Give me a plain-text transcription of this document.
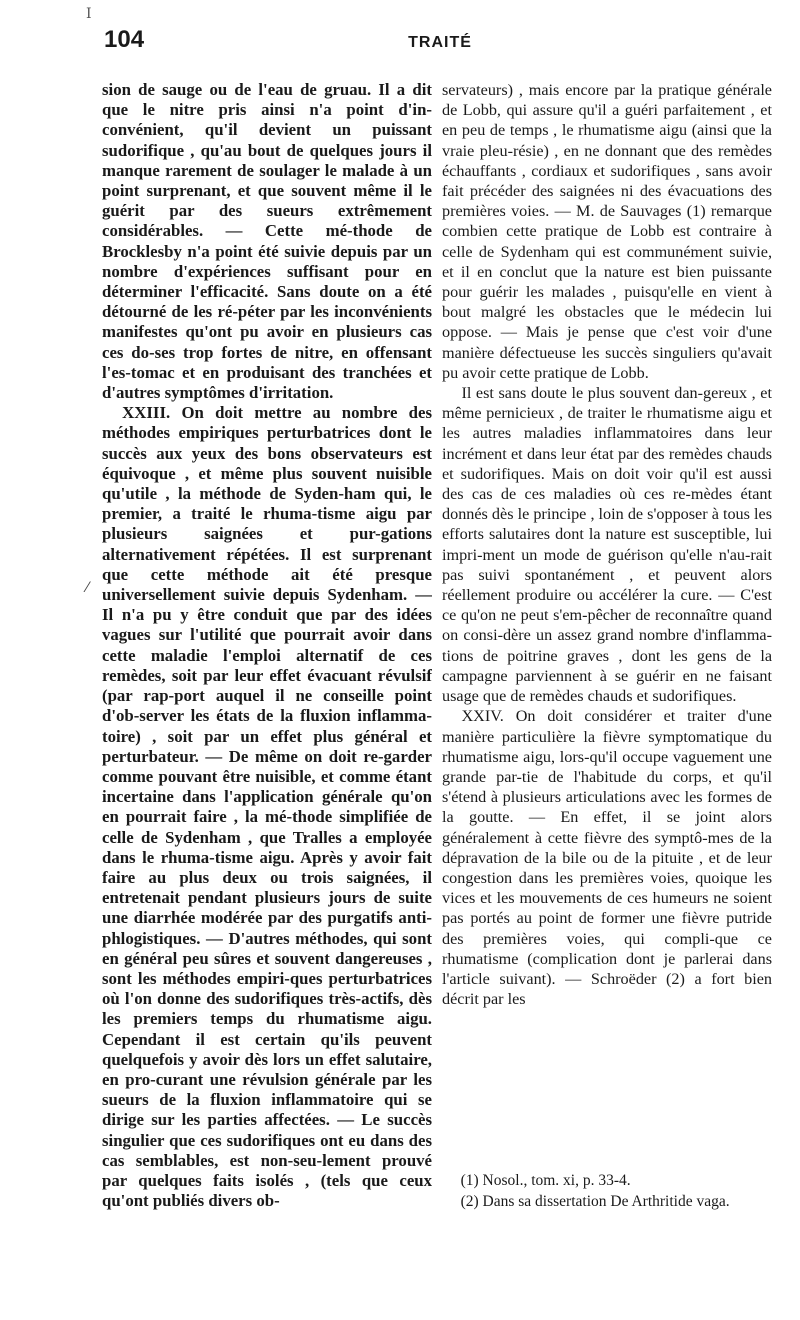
I
104	TRAITÉ
⁄

sion de sauge ou de l'eau de gruau. Il a dit que le nitre pris ainsi n'a point d'in-convénient, qu'il devient un puissant sudorifique , qu'au bout de quelques jours il manque rarement de soulager le malade à un point surprenant, et que souvent même il le guérit par des sueurs extrêmement considérables. — Cette mé-thode de Brocklesby n'a point été suivie depuis par un nombre d'expériences suffisant pour en déterminer l'efficacité. Sans doute on a été détourné de les ré-péter par les inconvénients manifestes qu'ont pu avoir en plusieurs cas ces do-ses trop fortes de nitre, en offensant l'es-tomac et en produisant des tranchées et d'autres symptômes d'irritation.

XXIII. On doit mettre au nombre des méthodes empiriques perturbatrices dont le succès aux yeux des bons observateurs est équivoque , et même plus souvent nuisible qu'utile , la méthode de Syden-ham qui, le premier, a traité le rhuma-tisme aigu par plusieurs saignées et pur-gations alternativement répétées. Il est surprenant que cette méthode ait été presque universellement suivie depuis Sydenham. — Il n'a pu y être conduit que par des idées vagues sur l'utilité que pourrait avoir dans cette maladie l'emploi alternatif de ces remèdes, soit par leur effet évacuant révulsif (par rap-port auquel il ne conseille point d'ob-server les états de la fluxion inflamma-toire) , soit par un effet plus général et perturbateur. — De même on doit re-garder comme pouvant être nuisible, et comme étant incertaine dans l'application générale qu'on en pourrait faire , la mé-thode simplifiée de celle de Sydenham , que Tralles a employée dans le rhuma-tisme aigu. Après y avoir fait faire au plus deux ou trois saignées, il entretenait pendant plusieurs jours de suite une diarrhée modérée par des purgatifs anti-phlogistiques. — D'autres méthodes, qui sont en général peu sûres et souvent dangereuses , sont les méthodes empiri-ques perturbatrices où l'on donne des sudorifiques très-actifs, dès les premiers temps du rhumatisme aigu. Cependant il est certain qu'ils peuvent quelquefois y avoir dès lors un effet salutaire, en pro-curant une révulsion générale par les sueurs de la fluxion inflammatoire qui se dirige sur les parties affectées. — Le succès singulier que ces sudorifiques ont eu dans des cas semblables, est non-seu-lement prouvé par quelques faits isolés , (tels que ceux qu'ont publiés divers ob-

servateurs) , mais encore par la pratique générale de Lobb, qui assure qu'il a guéri parfaitement , et en peu de temps , le rhumatisme aigu (ainsi que la vraie pleu-résie) , en ne donnant que des remèdes échauffants , cordiaux et sudorifiques , sans avoir fait précéder des saignées ni des évacuations des premières voies. — M. de Sauvages (1) remarque combien cette pratique de Lobb est contraire à celle de Sydenham qui est communément suivie, et il en conclut que la nature est bien puissante pour guérir les malades , puisqu'elle en vient à bout malgré les obstacles que le médecin lui oppose. — Mais je pense que c'est voir d'une manière défectueuse les succès singuliers qu'avait pu avoir cette pratique de Lobb.

Il est sans doute le plus souvent dan-gereux , et même pernicieux , de traiter le rhumatisme aigu et les autres maladies inflammatoires dans leur incrément et dans leur état par des remèdes chauds et sudorifiques. Mais on doit voir qu'il est aussi des cas de ces maladies où ces re-mèdes étant donnés dès le principe , loin de s'opposer à tous les efforts salutaires dont la nature est susceptible, lui impri-ment un mode de guérison qu'elle n'au-rait pas suivi spontanément , et peuvent alors réellement produire ou accélérer la cure. — C'est ce qu'on ne peut s'em-pêcher de reconnaître quand on consi-dère un assez grand nombre d'inflamma-tions de poitrine graves , dont les gens de la campagne parviennent à se guérir en ne faisant usage que de remèdes chauds et sudorifiques.

XXIV. On doit considérer et traiter d'une manière particulière la fièvre symptomatique du rhumatisme aigu, lors-qu'il occupe vaguement une grande par-tie de l'habitude du corps, et qu'il s'étend à plusieurs articulations avec les formes de la goutte. — En effet, il se joint alors généralement à cette fièvre des symptô-mes de la dépravation de la bile ou de la pituite , et de leur congestion dans les premières voies, quoique les vices et les mouvements de ces humeurs ne soient pas portés au point de former une fièvre putride des premières voies, qui compli-que ce rhumatisme (complication dont je parlerai dans l'article suivant). — Schroëder (2) a fort bien décrit par les

(1) Nosol., tom. xi, p. 33-4.

(2) Dans sa dissertation De Arthritide vaga.
